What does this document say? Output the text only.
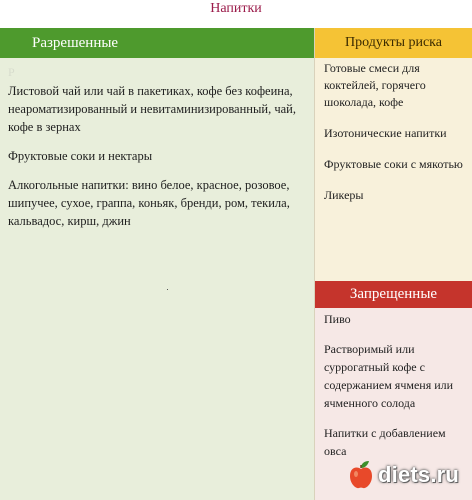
Напитки
Разрешенные
Р

Листовой чай или чай в пакетиках, кофе без кофеина, неароматизированный и невитаминизированный, чай, кофе в зернах

Фруктовые соки и нектары

Алкогольные напитки: вино белое, красное, розовое, шипучее, сухое, граппа, коньяк, бренди, ром, текила, кальвадос, кирш, джин

Продукты риска

Готовые смеси для коктейлей, горячего шоколада, кофе

Изотонические напитки

Фруктовые соки с мякотью

Ликеры

Запрещенные

Пиво

Растворимый или суррогатный кофе с содержанием ячменя или ячменного солода

Напитки с добавлением овса

diets.ru
